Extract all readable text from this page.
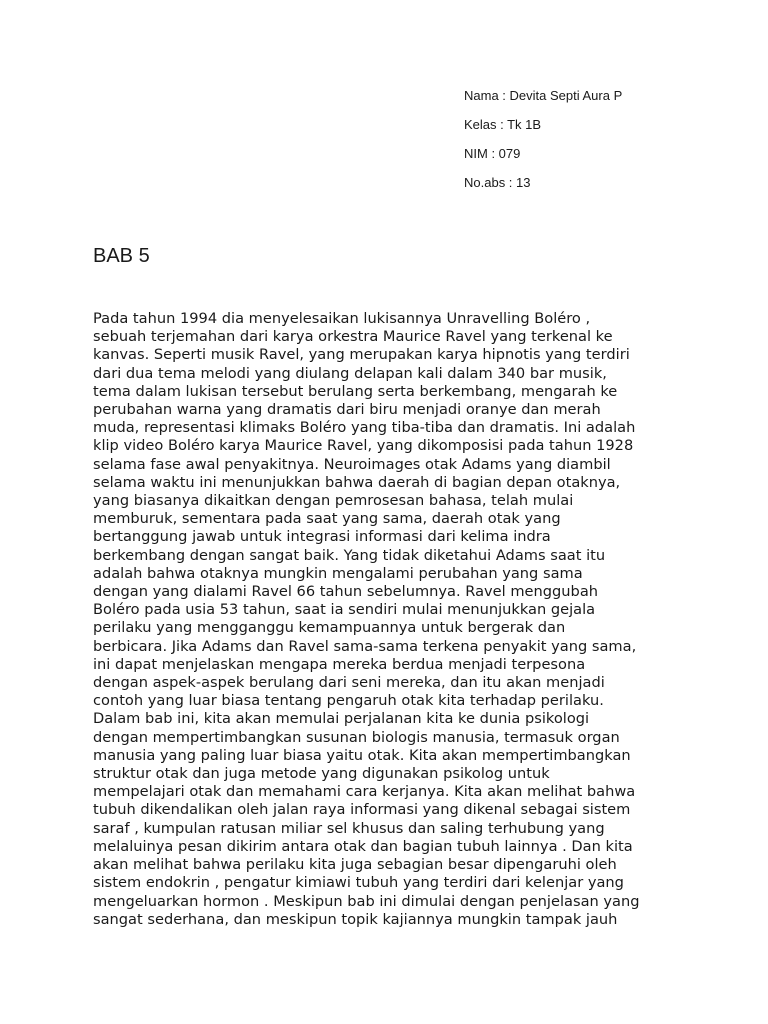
Nama : Devita Septi Aura P
Kelas : Tk 1B
NIM : 079
No.abs : 13
BAB 5
Pada tahun 1994 dia menyelesaikan lukisannya Unravelling Boléro ,
sebuah terjemahan dari karya orkestra Maurice Ravel yang terkenal ke
kanvas. Seperti musik Ravel, yang merupakan karya hipnotis yang terdiri
dari dua tema melodi yang diulang delapan kali dalam 340 bar musik,
tema dalam lukisan tersebut berulang serta berkembang, mengarah ke
perubahan warna yang dramatis dari biru menjadi oranye dan merah
muda, representasi klimaks Boléro yang tiba-tiba dan dramatis. Ini adalah
klip video Boléro karya Maurice Ravel, yang dikomposisi pada tahun 1928
selama fase awal penyakitnya. Neuroimages otak Adams yang diambil
selama waktu ini menunjukkan bahwa daerah di bagian depan otaknya,
yang biasanya dikaitkan dengan pemrosesan bahasa, telah mulai
memburuk, sementara pada saat yang sama, daerah otak yang
bertanggung jawab untuk integrasi informasi dari kelima indra
berkembang dengan sangat baik. Yang tidak diketahui Adams saat itu
adalah bahwa otaknya mungkin mengalami perubahan yang sama
dengan yang dialami Ravel 66 tahun sebelumnya. Ravel menggubah
Boléro pada usia 53 tahun, saat ia sendiri mulai menunjukkan gejala
perilaku yang mengganggu kemampuannya untuk bergerak dan
berbicara. Jika Adams dan Ravel sama-sama terkena penyakit yang sama,
ini dapat menjelaskan mengapa mereka berdua menjadi terpesona
dengan aspek-aspek berulang dari seni mereka, dan itu akan menjadi
contoh yang luar biasa tentang pengaruh otak kita terhadap perilaku.
Dalam bab ini, kita akan memulai perjalanan kita ke dunia psikologi
dengan mempertimbangkan susunan biologis manusia, termasuk organ
manusia yang paling luar biasa yaitu otak. Kita akan mempertimbangkan
struktur otak dan juga metode yang digunakan psikolog untuk
mempelajari otak dan memahami cara kerjanya. Kita akan melihat bahwa
tubuh dikendalikan oleh jalan raya informasi yang dikenal sebagai sistem
saraf , kumpulan ratusan miliar sel khusus dan saling terhubung yang
melaluinya pesan dikirim antara otak dan bagian tubuh lainnya . Dan kita
akan melihat bahwa perilaku kita juga sebagian besar dipengaruhi oleh
sistem endokrin , pengatur kimiawi tubuh yang terdiri dari kelenjar yang
mengeluarkan hormon . Meskipun bab ini dimulai dengan penjelasan yang
sangat sederhana, dan meskipun topik kajiannya mungkin tampak jauh
